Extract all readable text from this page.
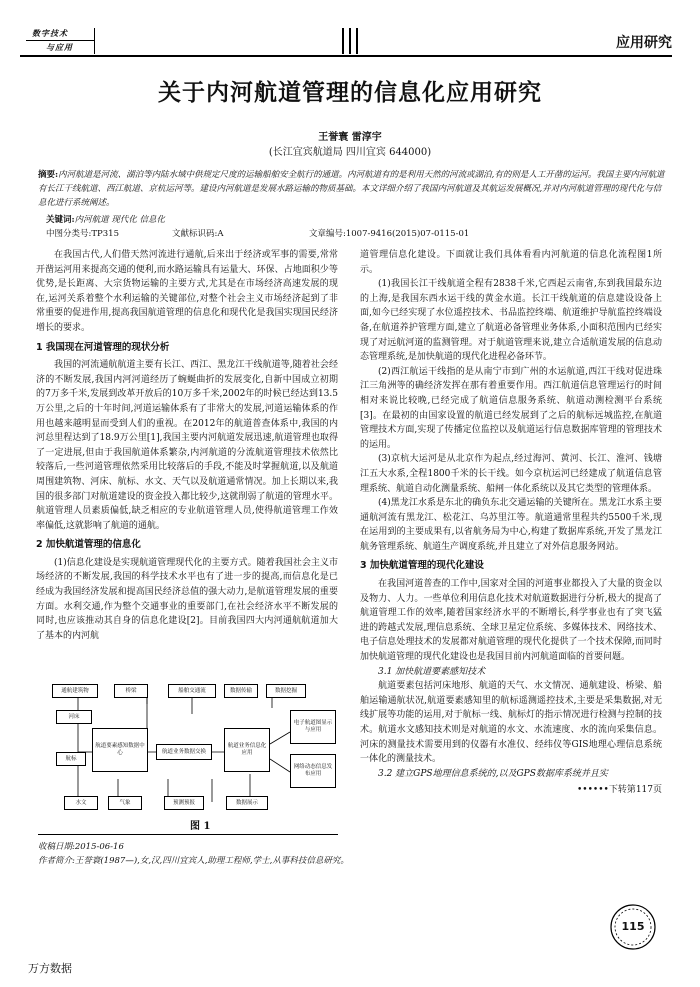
数字技术
与应用	应用研究
关于内河航道管理的信息化应用研究
王誉寰 雷淳宇
(长江宜宾航道局 四川宜宾 644000)
摘要:内河航道是河流、湖泊等内陆水域中供规定尺度的运输船舶安全航行的通道。内河航道有的是利用天然的河流或湖泊,有的则是人工开凿的运河。我国主要内河航道有长江干线航道、西江航道、京杭运河等。建设内河航道是发展水路运输的物质基础。本文详细介绍了我国内河航道及其航运发展概况,并对内河航道管理的现代化与信息化进行系统阐述。
关键词:内河航道 现代化 信息化
中图分类号:TP315	文献标识码:A	文章编号:1007-9416(2015)07-0115-01

在我国古代,人们借天然河流进行通航,后来出于经济或军事的需要,常常开凿运河用来提高交通的便利,而水路运输具有运量大、环保、占地面积少等优势,是长距离、大宗货物运输的主要方式,尤其是在市场经济高速发展的现在,运河关系着整个水利运输的关键部位,对整个社会主义市场经济起到了非常重要的促进作用,提高我国航道管理的信息化和现代化是我国实现国民经济增长的要求。

1 我国现在河道管理的现状分析

我国的河流通航航道主要有长江、西江、黑龙江干线航道等,随着社会经济的不断发展,我国内河河道经历了蜿蜒曲折的发展变化,自新中国成立初期的7万多千米,发展到改革开放后的10万多千米,2002年的时候已经达到13.5万公里,之后的十年时间,河道运输体系有了非常大的发展,河道运输体系的作用也越来越明显而受到人们的重视。在2012年的航道普查体系中,我国的内河总里程达到了18.9万公里[1],我国主要内河航道发展迅速,航道管理也取得了一定进展,但由于我国航道体系繁杂,内河航道的分流航道管理技术依然比较落后,一些河道管理依然采用比较落后的手段,不能及时掌握航道,以及航道周围建筑物、河床、航标、水文、天气以及航道通常情况。加上长期以来,我国的很多部门对航道建设的资金投入都比较少,这就削弱了航道的管理水平。航道管理人员素质偏低,缺乏相应的专业航道管理人员,使得航道管理工作效率偏低,这就影响了航道的通航。

2 加快航道管理的信息化

(1)信息化建设是实现航道管理现代化的主要方式。随着我国社会主义市场经济的不断发展,我国的科学技术水平也有了进一步的提高,而信息化是已经成为我国经济发展和提高国民经济总值的强大动力,是航道管理发展的重要方面。水利交通,作为整个交通事业的重要部门,在社会经济水平不断发展的同时,也应该推动其自身的信息化建设[2]。目前我国四大内河通航航道加大了基本的内河航

通航建筑物	桥梁	船舶交通流	数据传输	数据挖掘
河床
航道要素感知数据中心	航道业务数据交换
航道业务信息化应用
电子航道图显示与应用
航标
网络动态信息发布应用
水文	气象	预测预报	数据展示
图 1
收稿日期:2015-06-16
作者简介:王誉寰(1987—),女,汉,四川宜宾人,助理工程师,学士,从事科技信息研究。

道管理信息化建设。下面就让我们具体看看内河航道的信息化流程图1所示。

(1)我国长江干线航道全程有2838千米,它西起云南省,东到我国最东边的上海,是我国东西水运干线的黄金水道。长江干线航道的信息建设设备上面,如今已经实现了水位遥控技术、书品监控终端、航道维护导航监控终端设备,在航道养护管理方面,建立了航道必备管理业务体系,小面积范围内已经实现了对远航河道的监测管理。对于航道管理来说,建立合适航道发展的信息动态管理系统,是加快航道的现代化进程必备环节。

(2)西江航运干线指的是从南宁市到广州的水运航道,西江干线对促进珠江三角洲等的确经济发挥在那有着重要作用。西江航道信息管理运行的时间相对来说比较晚,已经完成了航道信息服务系统、航道动测检测平台系统[3]。在最初的由国家设置的航道已经发展到了之后的航标远城监控,在航道管理技术方面,实现了传播定位监控以及航道运行信息数据库管理的管理技术的运用。

(3)京杭大运河是从北京作为起点,经过海河、黄河、长江、淮河、钱塘江五大水系,全程1800千米的长干线。如今京杭运河已经建成了航道信息管理系统、航道自动化测量系统、船闸一体化系统以及其它类型的管理体系。

(4)黑龙江水系是东北的确负东北交通运输的关键所在。黑龙江水系主要通航河流有黑龙江、松花江、乌苏里江等。航道通常里程共约5500千米,现在运用到的主要成果有,以省航务局为中心,构建了数据库系统,开发了黑龙江航务管理系统、航道生产调度系统,并且建立了对外信息服务网站。

3 加快航道管理的现代化建设

在我国河道普查的工作中,国家对全国的河道事业都投入了大量的资金以及物力、人力。一些单位利用信息化技术对航道数据进行分析,极大的提高了航道管理工作的效率,随着国家经济水平的不断增长,科学事业也有了突飞猛进的跨越式发展,理信息系统、全球卫星定位系统、多媒体技术、网络技术、电子信息处理技术的发展都对航道管理的现代化提供了一个技术保障,而同时加快航道管理的现代化建设也是我国目前内河航道面临的首要问题。

3.1 加快航道要素感知技术

航道要素包括河床地形、航道的天气、水文情况、通航建设、桥梁、船舶运输通航状况,航道要素感知里的航标遥测遥控技术,主要是采集数据,对无线扩展等功能的运用,对于航标一线、航标灯的指示情况进行检测与控制的技术。航道水文感知技术则是对航道的水文、水流速度、水的流向采集信息。河床的测量技术需要用到的仪器有水准仪、经纬仪等GIS地理心理信息系统一体化的测量技术。

3.2 建立GPS地理信息系统的,以及GPS数据库系统并且实

••••••下转第117页
115
万方数据
